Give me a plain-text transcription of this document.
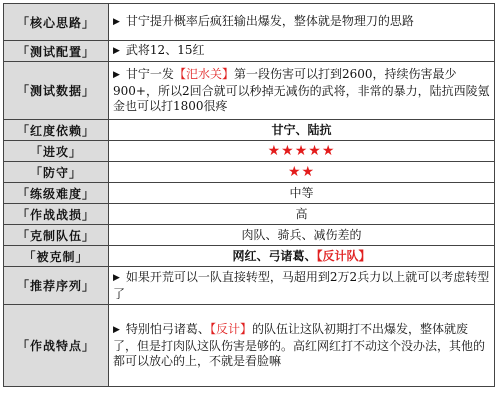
「核心思路」	▶ 甘宁提升概率后疯狂输出爆发，整体就是物理刀的思路
「测试配置」	▶ 武将12、15红
「测试数据」	▶ 甘宁一发【汜水关】第一段伤害可以打到2600，持续伤害最少900+，所以2回合就可以秒掉无减伤的武将，非常的暴力，陆抗西陵氪金也可以打1800很疼
「红度依赖」	甘宁、陆抗
「进攻」	★★★★★
「防守」	★★
「练级难度」	中等
「作战战损」	高
「克制队伍」	肉队、骑兵、减伤差的
「被克制」	网红、弓诸葛、【反计队】
「推荐序列」	▶ 如果开荒可以一队直接转型，马超用到2万2兵力以上就可以考虑转型了
「作战特点」	▶ 特别怕弓诸葛、【反计】的队伍让这队初期打不出爆发，整体就废了，但是打肉队这队伤害是够的。高红网红打不动这个没办法，其他的都可以放心的上，不就是看脸嘛
